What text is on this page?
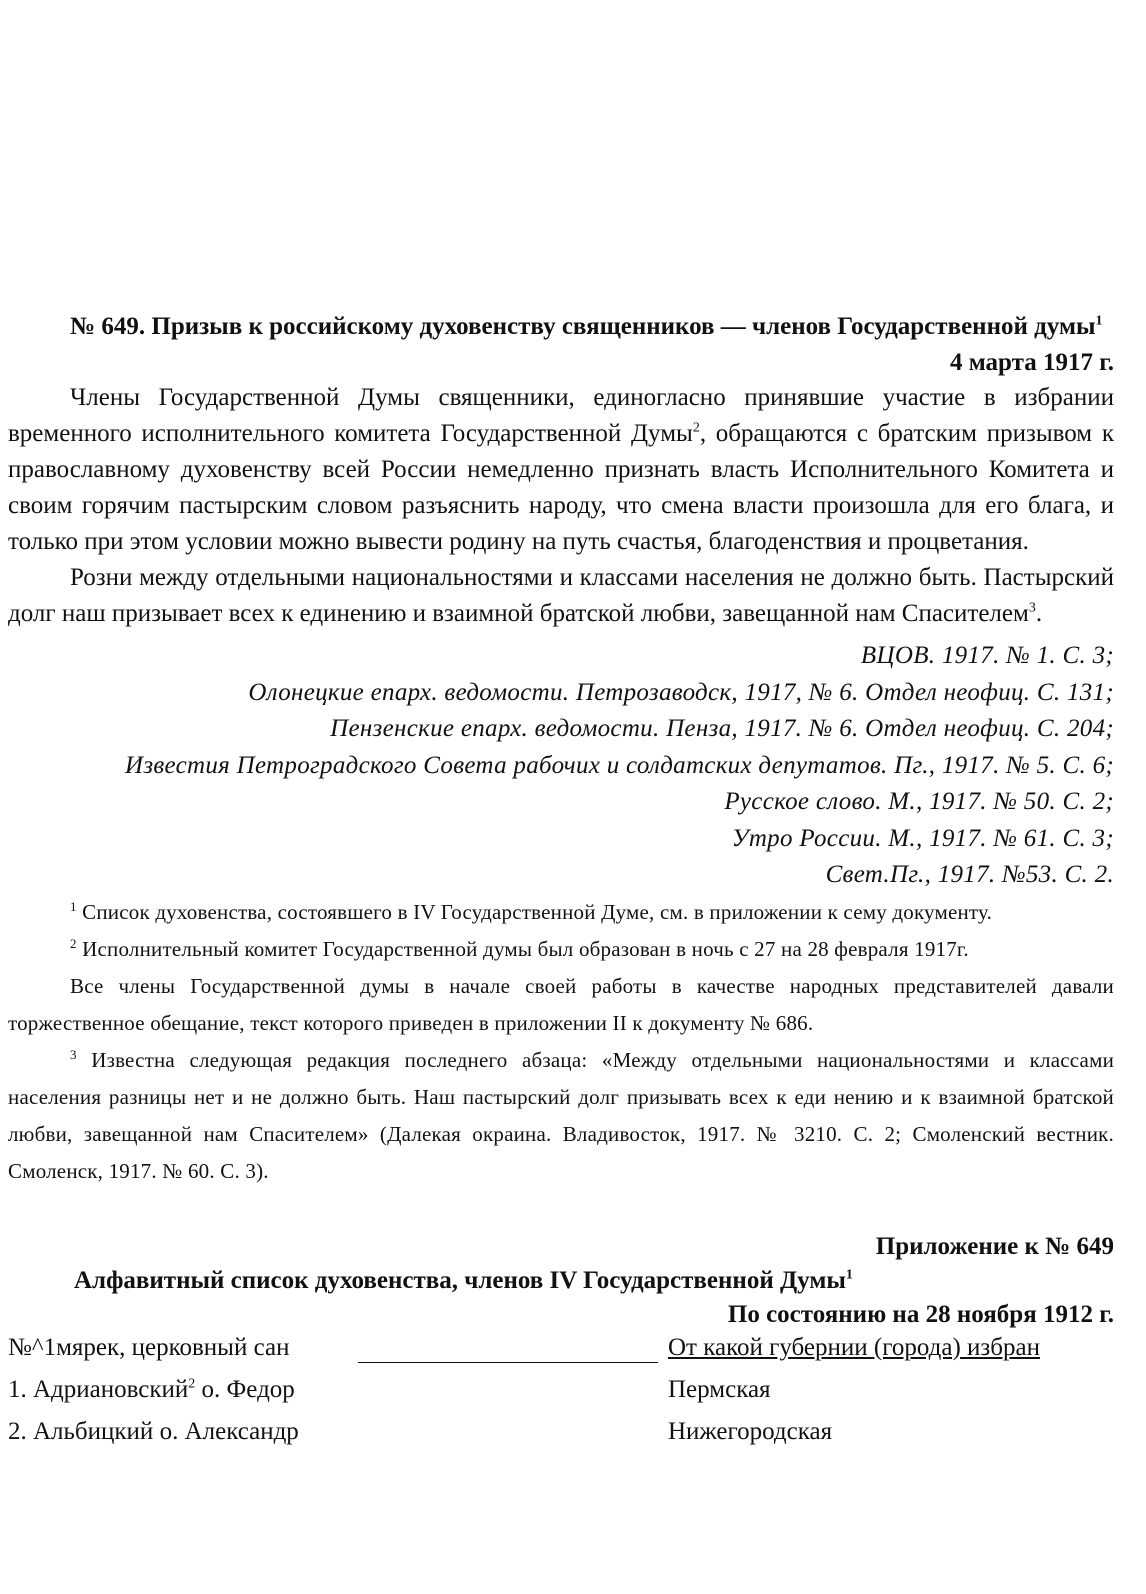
№ 649. Призыв к российскому духовенству священников — членов Государственной думы$^1$

4 марта 1917 г.

Члены Государственной Думы священники, единогласно принявшие участие в избрании временного исполнительного комитета Государственной Думы$^2$, обращаются с братским призывом к православному духовенству всей России немедленно признать власть Исполнительного Комитета и своим горячим пастырским словом разъяснить народу, что смена власти произошла для его блага, и только при этом условии можно вывести родину на путь счастья, благоденствия и процветания.

Розни между отдельными национальностями и классами населения не должно быть. Пастырский долг наш призывает всех к единению и взаимной братской любви, завещанной нам Спасителем$^3$.

ВЦОВ. 1917. № 1. С. 3;
Олонецкие епарх. ведомости. Петрозаводск, 1917, № 6. Отдел неофиц. С. 131;
Пензенские епарх. ведомости. Пенза, 1917. № 6. Отдел неофиц. С. 204;
Известия Петроградского Совета рабочих и солдатских депутатов. Пг., 1917. № 5. С. 6;
Русское слово. М., 1917. № 50. С. 2;
Утро России. М., 1917. № 61. С. 3;
Свет.Пг., 1917. №53. С. 2.

$^1$ Список духовенства, состоявшего в IV Государственной Думе, см. в приложении к сему документу.

$^2$ Исполнительный комитет Государственной думы был образован в ночь с 27 на 28 февраля 1917г.

Все члены Государственной думы в начале своей работы в качестве народных представителей давали торжественное обещание, текст которого приведен в приложении II к документу № 686.

$^3$ Известна следующая редакция последнего абзаца: «Между отдельными национальностями и классами населения разницы нет и не должно быть. Наш пастырский долг призывать всех к еди нению и к взаимной братской любви, завещанной нам Спасителем» (Далекая окраина. Владивосток, 1917. № 3210. С. 2; Смоленский вестник. Смоленск, 1917. № 60. С. 3).

Приложение к № 649
Алфавитный список духовенства, членов IV Государственной Думы$^1$
По состоянию на 28 ноября 1912 г.
№^1мярек, церковный сан	От какой губернии (города) избран
1. Адриановский$^2$ о. Федор	Пермская
2. Альбицкий о. Александр	Нижегородская
